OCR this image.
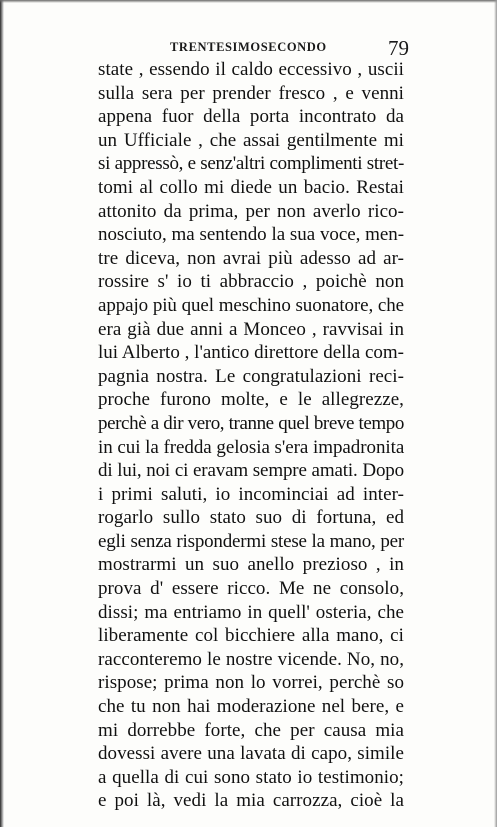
TRENTESIMOSECONDO	79
state , essendo il caldo eccessivo , uscii
sulla sera per prender fresco , e venni
appena fuor della porta incontrato da
un Ufficiale , che assai gentilmente mi
si appressò, e senz'altri complimenti stret-
tomi al collo mi diede un bacio. Restai
attonito da prima, per non averlo rico-
nosciuto, ma sentendo la sua voce, men-
tre diceva, non avrai più adesso ad ar-
rossire s' io ti abbraccio , poichè non
appajo più quel meschino suonatore, che
era già due anni a Monceo , ravvisai in
lui Alberto , l'antico direttore della com-
pagnia nostra. Le congratulazioni reci-
proche furono molte, e le allegrezze,
perchè a dir vero, tranne quel breve tempo
in cui la fredda gelosia s'era impadronita
di lui, noi ci eravam sempre amati. Dopo
i primi saluti, io incominciai ad inter-
rogarlo sullo stato suo di fortuna, ed
egli senza rispondermi stese la mano, per
mostrarmi un suo anello prezioso , in
prova d' essere ricco. Me ne consolo,
dissi; ma entriamo in quell' osteria, che
liberamente col bicchiere alla mano, ci
racconteremo le nostre vicende. No, no,
rispose; prima non lo vorrei, perchè so
che tu non hai moderazione nel bere, e
mi dorrebbe forte, che per causa mia
dovessi avere una lavata di capo, simile
a quella di cui sono stato io testimonio;
e poi là, vedi la mia carrozza, cioè la
